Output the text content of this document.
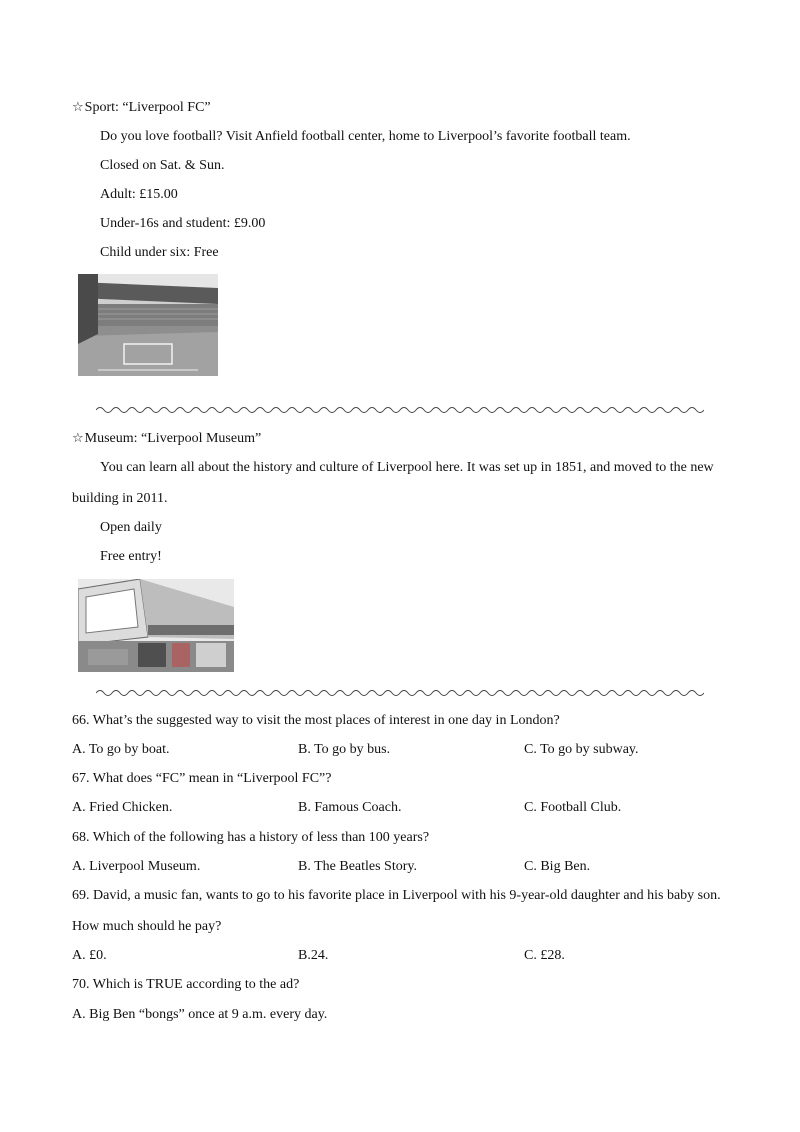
☆Sport: “Liverpool FC”
Do you love football? Visit Anfield football center, home to Liverpool’s favorite football team.
Closed on Sat. & Sun.
Adult: £15.00
Under-16s and student: £9.00
Child under six: Free
☆Museum: “Liverpool Museum”
You can learn all about the history and culture of Liverpool here. It was set up in 1851, and moved to the new
building in 2011.
Open daily
Free entry!
66. What’s the suggested way to visit the most places of interest in one day in London?
A. To go by boat.	B. To go by bus.	C. To go by subway.
67. What does “FC” mean in “Liverpool FC”?
A. Fried Chicken.	B. Famous Coach.	C. Football Club.
68. Which of the following has a history of less than 100 years?
A. Liverpool Museum.	B. The Beatles Story.	C. Big Ben.
69. David, a music fan, wants to go to his favorite place in Liverpool with his 9-year-old daughter and his baby son.
How much should he pay?
A. £0.	B.24.	C. £28.
70. Which is TRUE according to the ad?
A. Big Ben “bongs” once at 9 a.m. every day.
